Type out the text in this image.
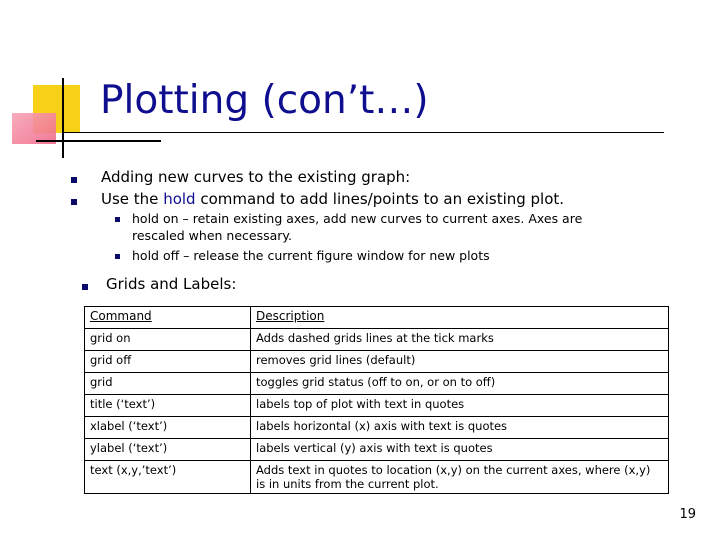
Plotting (con’t…)
Adding new curves to the existing graph:
Use the hold command to add lines/points to an existing plot.
hold on – retain existing axes, add new curves to current axes. Axes are
rescaled when necessary.
hold off – release the current figure window for new plots
Grids and Labels:
Command	Description
grid on	Adds dashed grids lines at the tick marks
grid off	removes grid lines (default)
grid	toggles grid status (off to on, or on to off)
title (‘text’)	labels top of plot with text in quotes
xlabel (‘text’)	labels horizontal (x) axis with text is quotes
ylabel (‘text’)	labels vertical (y) axis with text is quotes
text (x,y,’text’)	Adds text in quotes to location (x,y) on the current axes, where (x,y) is in units from the current plot.
19
